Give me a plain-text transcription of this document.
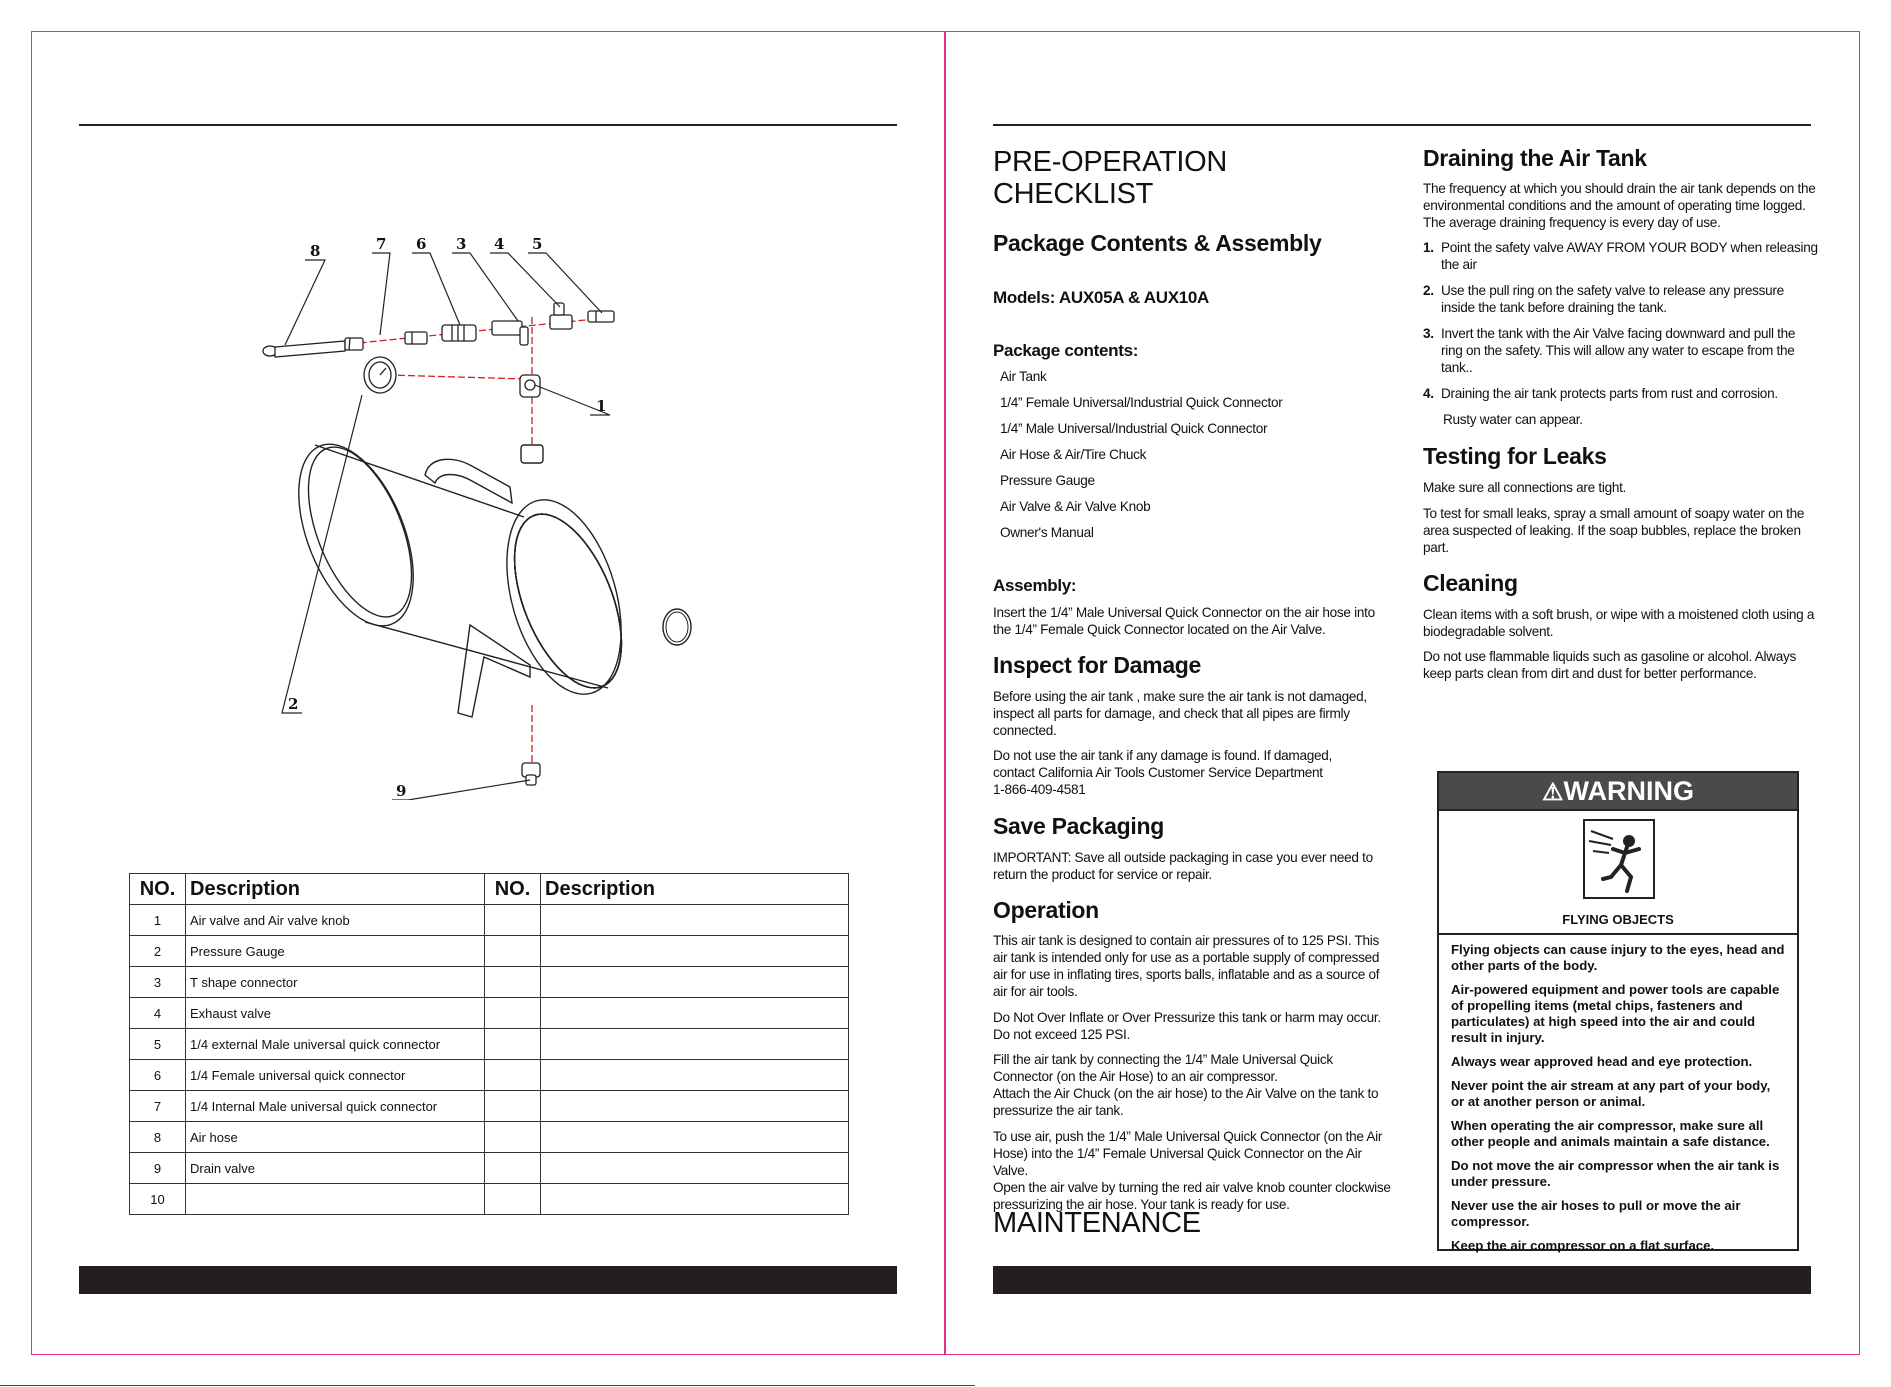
8	7 6 3 4 5
1
2
9
NO.	Description	NO.	Description
1	Air valve and Air valve knob		
2	Pressure Gauge		
3	T shape connector		
4	Exhaust valve		
5	1/4 external Male universal quick connector		
6	1/4 Female universal quick connector		
7	1/4 Internal Male universal quick connector		
8	Air hose		
9	Drain valve		
10			
PRE-OPERATION
CHECKLIST
Package Contents & Assembly
Models: AUX05A & AUX10A
Package contents:
Air Tank
1/4” Female Universal/Industrial Quick Connector
1/4” Male Universal/Industrial Quick Connector
Air Hose & Air/Tire Chuck
Pressure Gauge
Air Valve & Air Valve Knob
Owner's Manual
Assembly:
Insert the 1/4” Male Universal Quick Connector on the air hose into the 1/4” Female Quick Connector located on the Air Valve.
Inspect for Damage
Before using the air tank , make sure the air tank is not damaged, inspect all parts for damage, and check that all pipes are firmly connected.
Do not use the air tank if any damage is found. If damaged, contact California Air Tools Customer Service Department
1-866-409-4581
Save Packaging
IMPORTANT: Save all outside packaging in case you ever need to return the product for service or repair.
Operation
This air tank is designed to contain air pressures of to 125 PSI. This air tank is intended only for use as a portable supply of compressed air for use in inflating tires, sports balls, inflatable and as a source of air for air tools.
Do Not Over Inflate or Over Pressurize this tank or harm may occur. Do not exceed 125 PSI.
Fill the air tank by connecting the 1/4” Male Universal Quick Connector (on the Air Hose) to an air compressor.
Attach the Air Chuck (on the air hose) to the Air Valve on the tank to pressurize the air tank.
To use air, push the 1/4” Male Universal Quick Connector (on the Air Hose) into the 1/4” Female Universal Quick Connector on the Air Valve.
Open the air valve by turning the red air valve knob counter clockwise pressurizing the air hose. Your tank is ready for use.
MAINTENANCE
Draining the Air Tank
The frequency at which you should drain the air tank depends on the environmental conditions and the amount of operating time logged. The average draining frequency is every day of use.
1. Point the safety valve AWAY FROM YOUR BODY when releasing the air
2. Use the pull ring on the safety valve to release any pressure inside the tank before draining the tank.
3. Invert the tank with the Air Valve facing downward and pull the ring on the safety. This will allow any water to escape from the tank..
4. Draining the air tank protects parts from rust and corrosion.
Rusty water can appear.
Testing for Leaks
Make sure all connections are tight.
To test for small leaks, spray a small amount of soapy water on the area suspected of leaking. If the soap bubbles, replace the broken part.
Cleaning
Clean items with a soft brush, or wipe with a moistened cloth using a biodegradable solvent.
Do not use flammable liquids such as gasoline or alcohol. Always keep parts clean from dirt and dust for better performance.
⚠WARNING
FLYING OBJECTS
Flying objects can cause injury to the eyes, head and other parts of the body.
Air-powered equipment and power tools are capable of propelling items (metal chips, fasteners and particulates) at high speed into the air and could result in injury.
Always wear approved head and eye protection.
Never point the air stream at any part of your body, or at another person or animal.
When operating the air compressor, make sure all other people and animals maintain a safe distance.
Do not move the air compressor when the air tank is under pressure.
Never use the air hoses to pull or move the air compressor.
Keep the air compressor on a flat surface.
